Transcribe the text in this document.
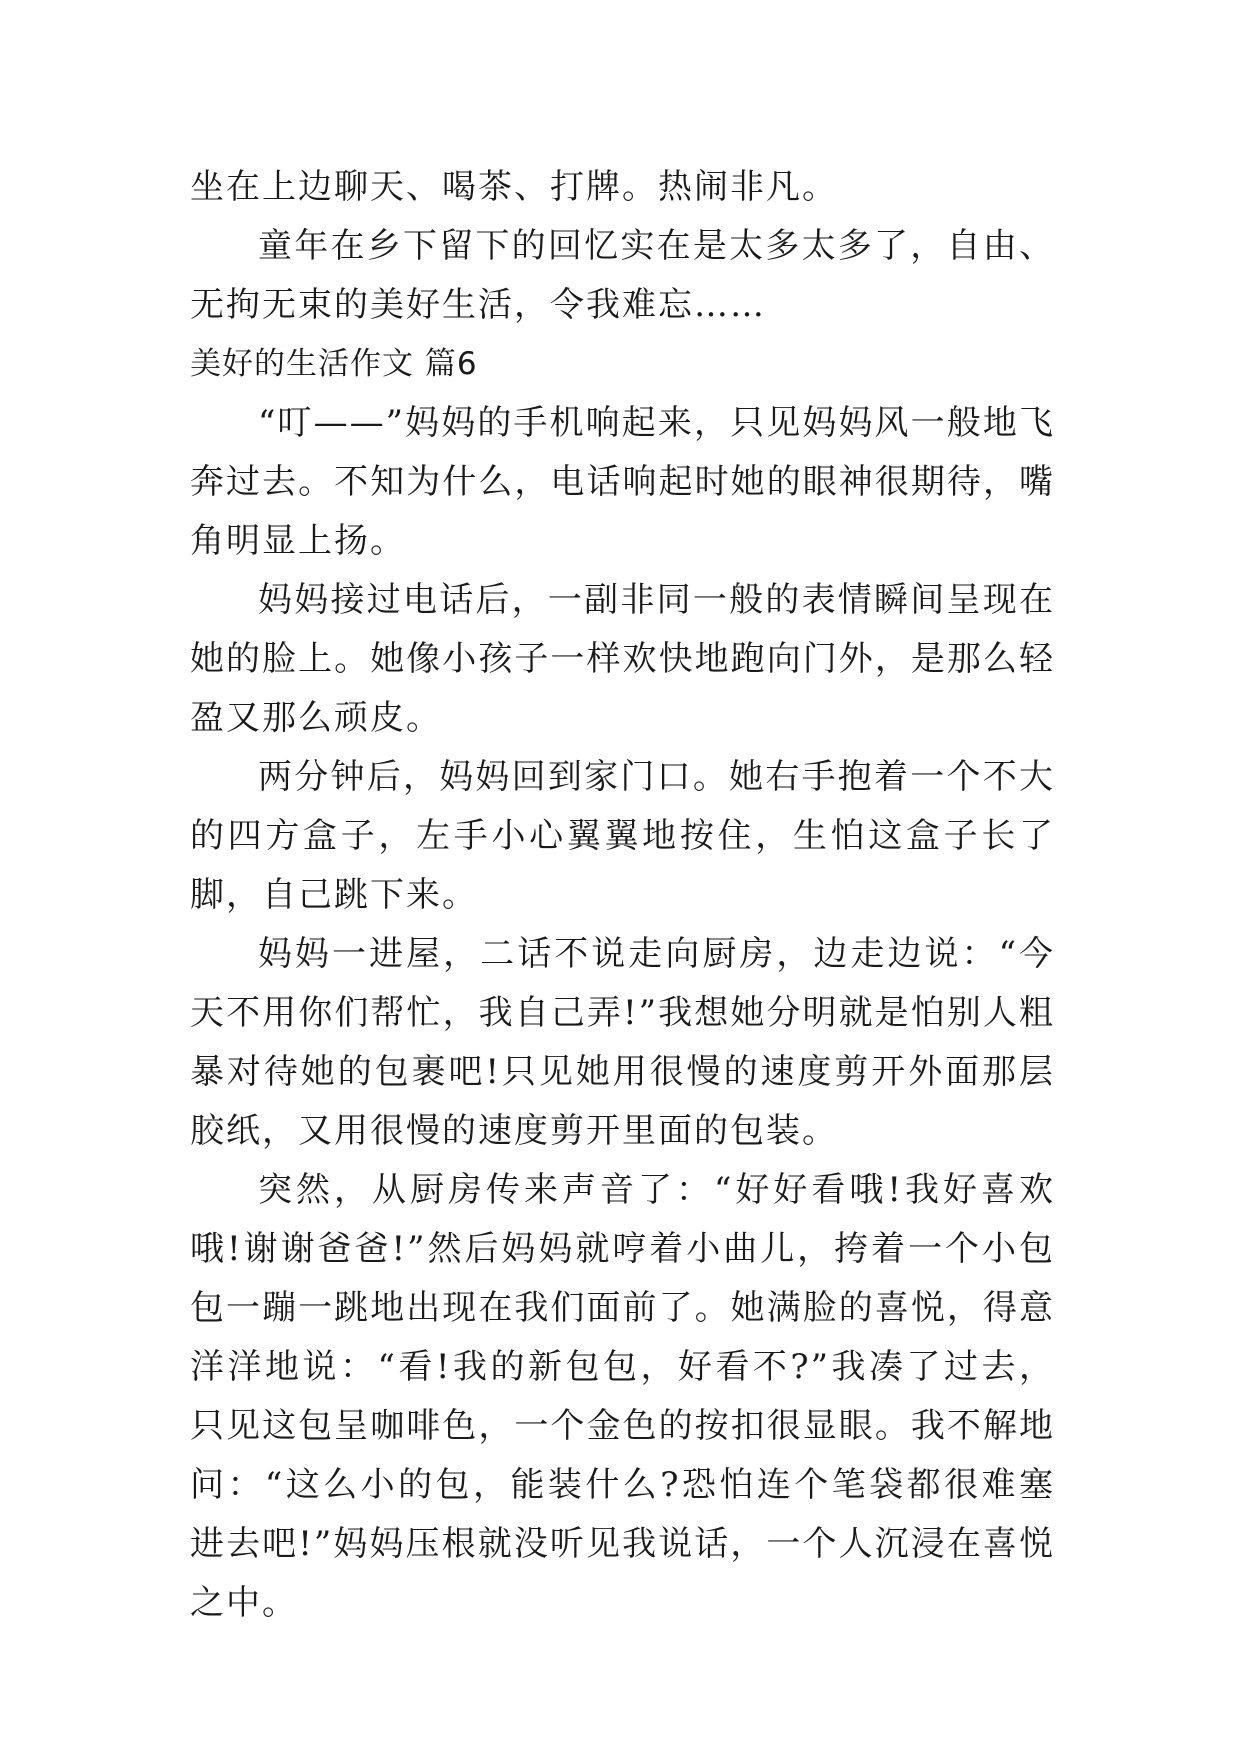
坐在上边聊天、喝茶、打牌。热闹非凡。

童年在乡下留下的回忆实在是太多太多了，自由、无拘无束的美好生活，令我难忘……

美好的生活作文 篇6

“叮——”妈妈的手机响起来，只见妈妈风一般地飞奔过去。不知为什么，电话响起时她的眼神很期待，嘴角明显上扬。

妈妈接过电话后，一副非同一般的表情瞬间呈现在她的脸上。她像小孩子一样欢快地跑向门外，是那么轻盈又那么顽皮。

两分钟后，妈妈回到家门口。她右手抱着一个不大的四方盒子，左手小心翼翼地按住，生怕这盒子长了脚，自己跳下来。

妈妈一进屋，二话不说走向厨房，边走边说：“今天不用你们帮忙，我自己弄!”我想她分明就是怕别人粗暴对待她的包裹吧!只见她用很慢的速度剪开外面那层胶纸，又用很慢的速度剪开里面的包装。

突然，从厨房传来声音了：“好好看哦!我好喜欢哦!谢谢爸爸!”然后妈妈就哼着小曲儿，挎着一个小包包一蹦一跳地出现在我们面前了。她满脸的喜悦，得意洋洋地说：“看!我的新包包，好看不?”我凑了过去，只见这包呈咖啡色，一个金色的按扣很显眼。我不解地问：“这么小的包，能装什么?恐怕连个笔袋都很难塞进去吧!”妈妈压根就没听见我说话，一个人沉浸在喜悦之中。
